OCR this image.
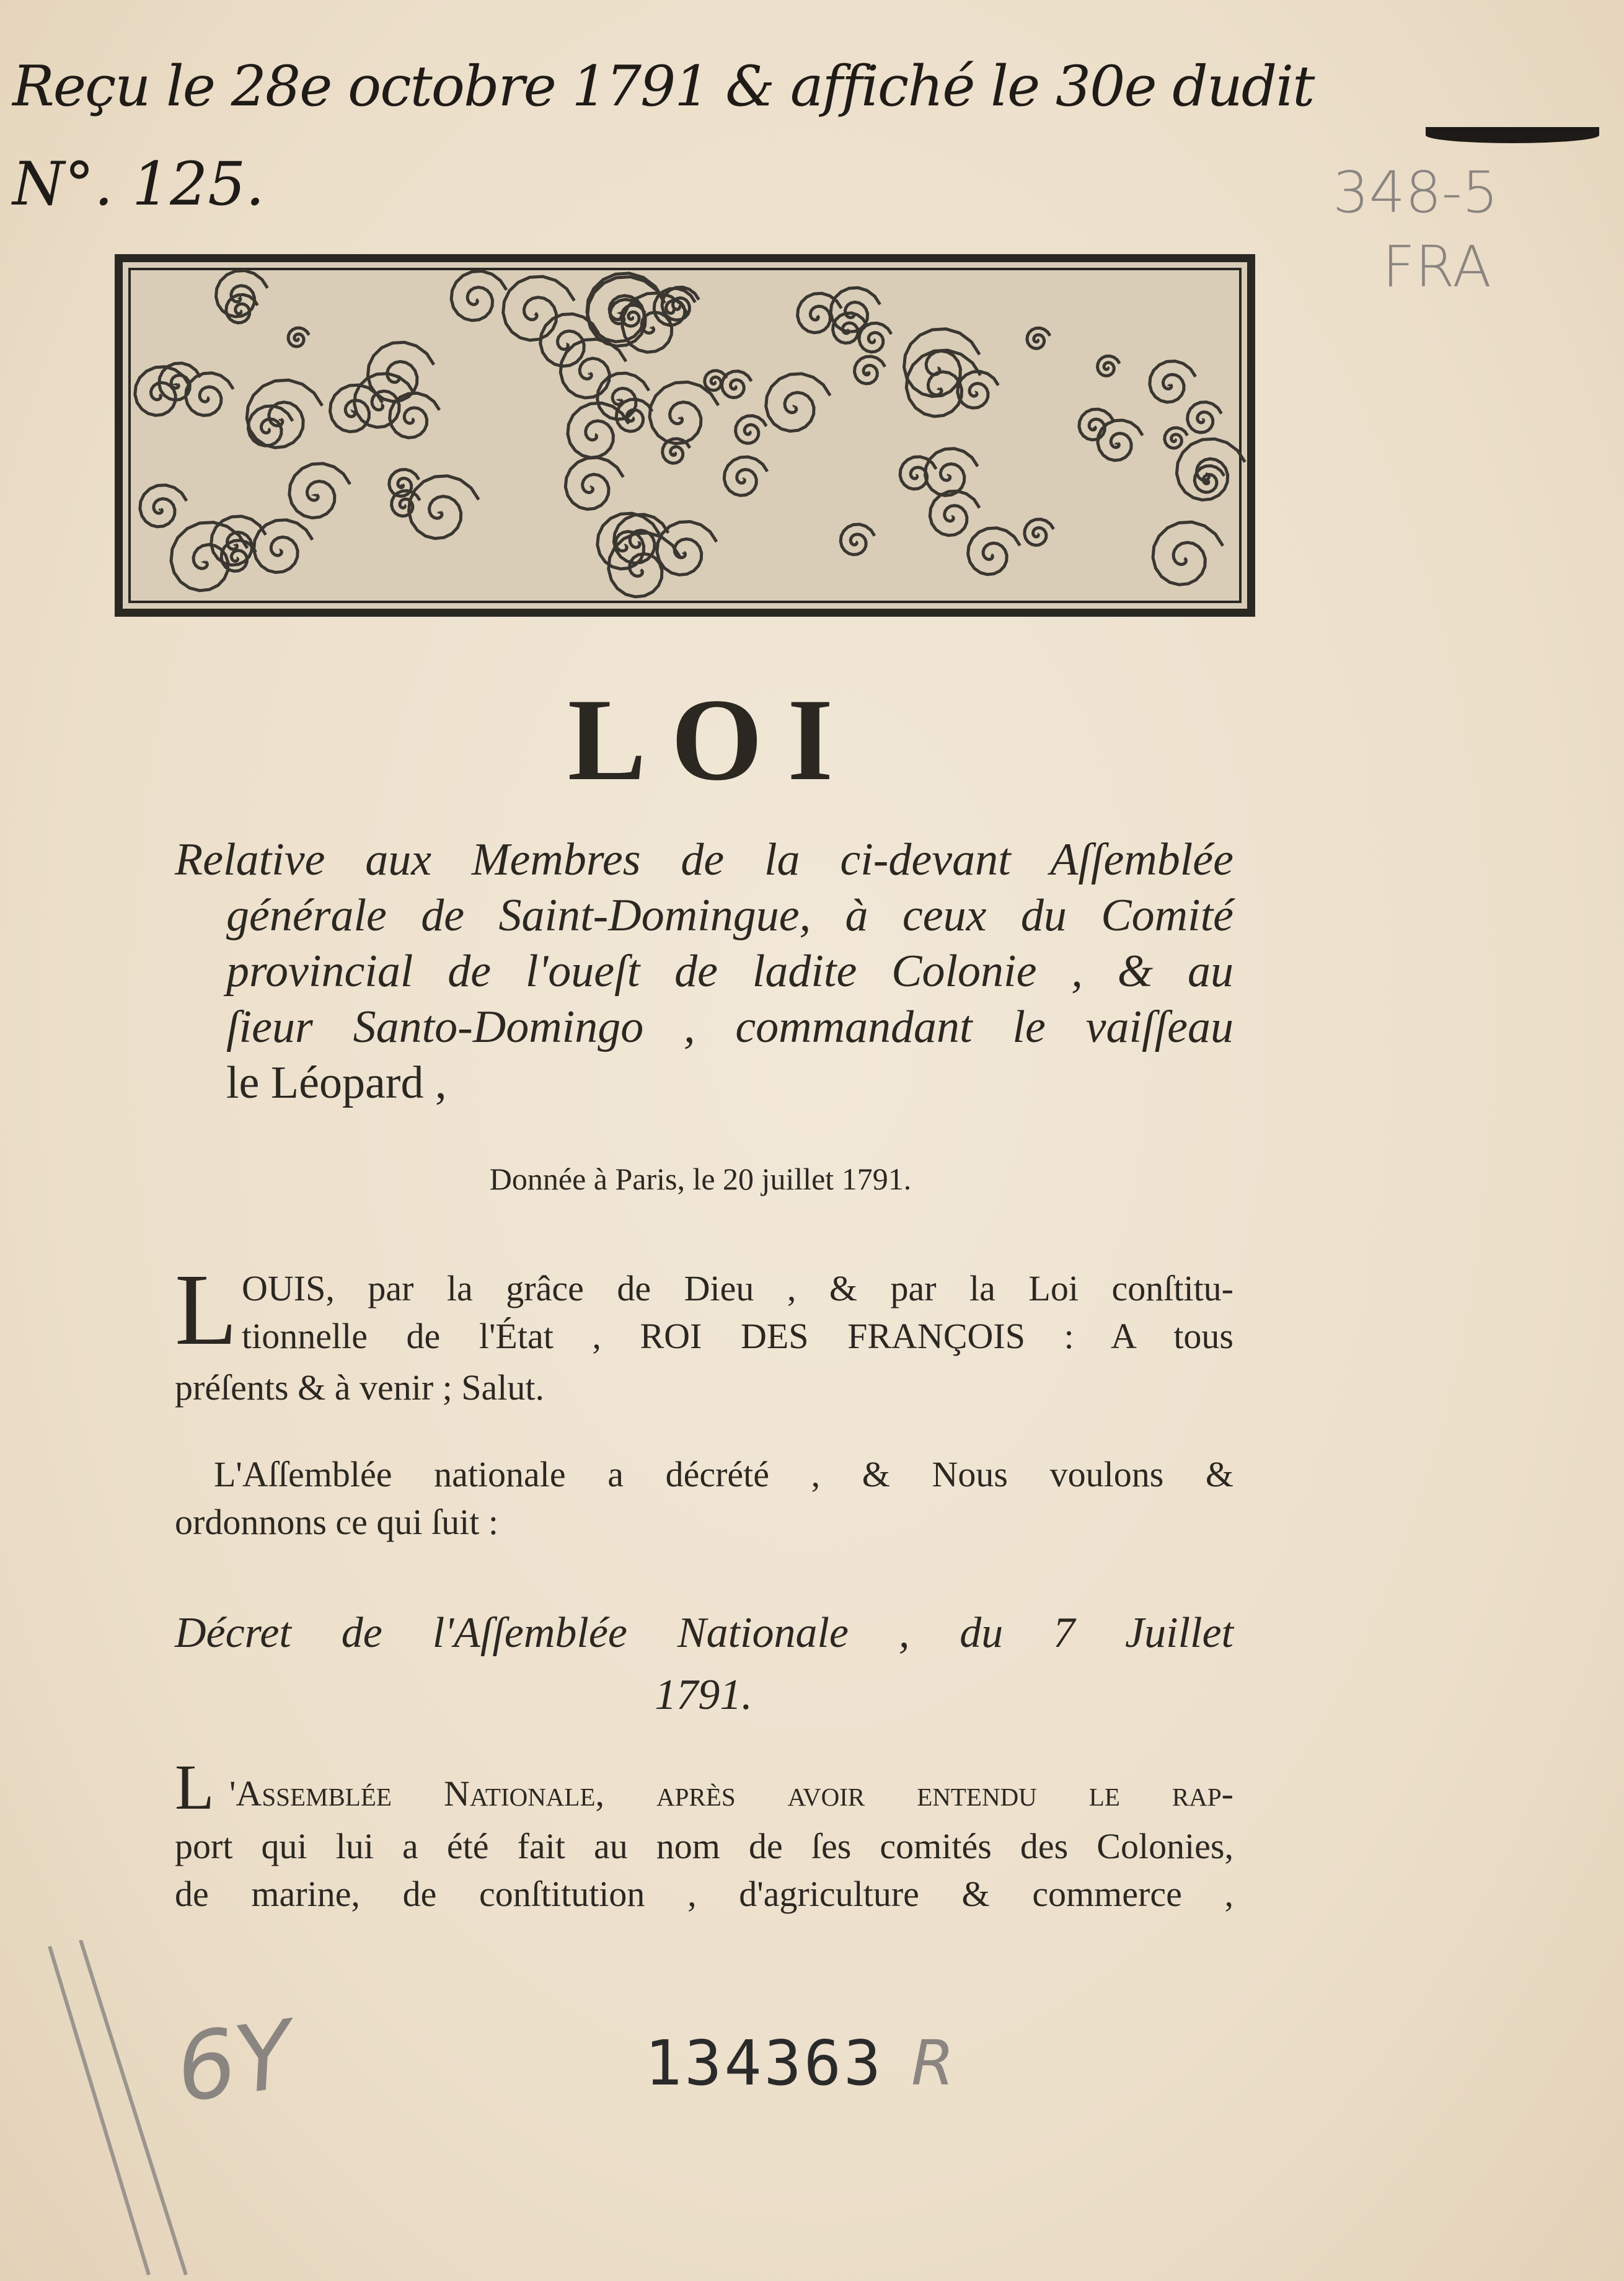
Reçu le 28e octobre 1791 & affiché le 30e dudit
N°. 125.	348-5
FRA
LOI
Relative aux Membres de la ci-devant Aſſemblée
générale de Saint-Domingue, à ceux du Comité
provincial de l'oueſt de ladite Colonie , & au
ſieur Santo-Domingo , commandant le vaiſſeau
le Léopard ,
Donnée à Paris, le 20 juillet 1791.
L OUIS, par la grâce de Dieu , & par la Loi conſtitu-
tionnelle de l'État , ROI DES FRANÇOIS : A tous
préſents & à venir ; Salut.
L'Aſſemblée nationale a décrété , & Nous voulons &
ordonnons ce qui ſuit :
Décret de l'Aſſemblée Nationale , du 7 Juillet
1791.
L 'Assemblée Nationale, après avoir entendu le rap-
port qui lui a été fait au nom de ſes comités des Colonies,
de marine, de conſtitution , d'agriculture & commerce ,
134363 R
6Y
